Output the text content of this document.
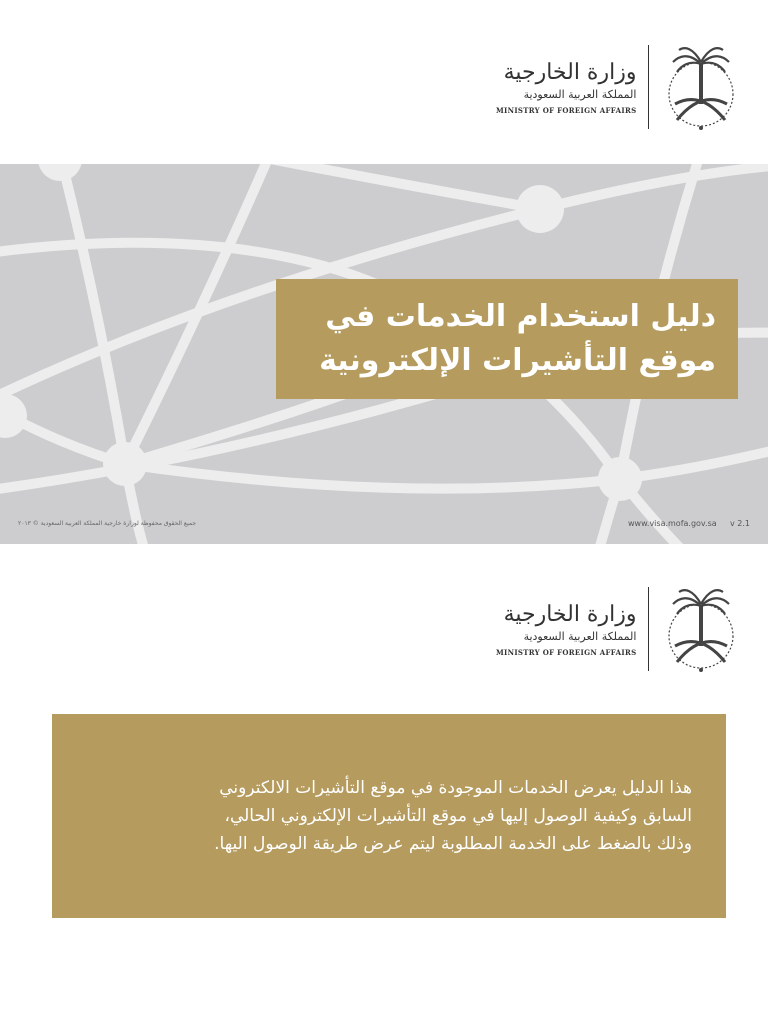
وزارة الخارجية
المملكة العربية السعودية
MINISTRY OF FOREIGN AFFAIRS
دليل استخدام الخدمات في
موقع التأشيرات الإلكترونية
جميع الحقوق محفوظة لوزارة خارجية المملكة العربية السعودية © ٢٠١٣	www.visa.mofa.gov.sa v 2.1
وزارة الخارجية
المملكة العربية السعودية
MINISTRY OF FOREIGN AFFAIRS
هذا الدليل يعرض الخدمات الموجودة في موقع التأشيرات الالكتروني
السابق وكيفية الوصول إليها في موقع التأشيرات الإلكتروني الحالي،
وذلك بالضغط على الخدمة المطلوبة ليتم عرض طريقة الوصول اليها.
